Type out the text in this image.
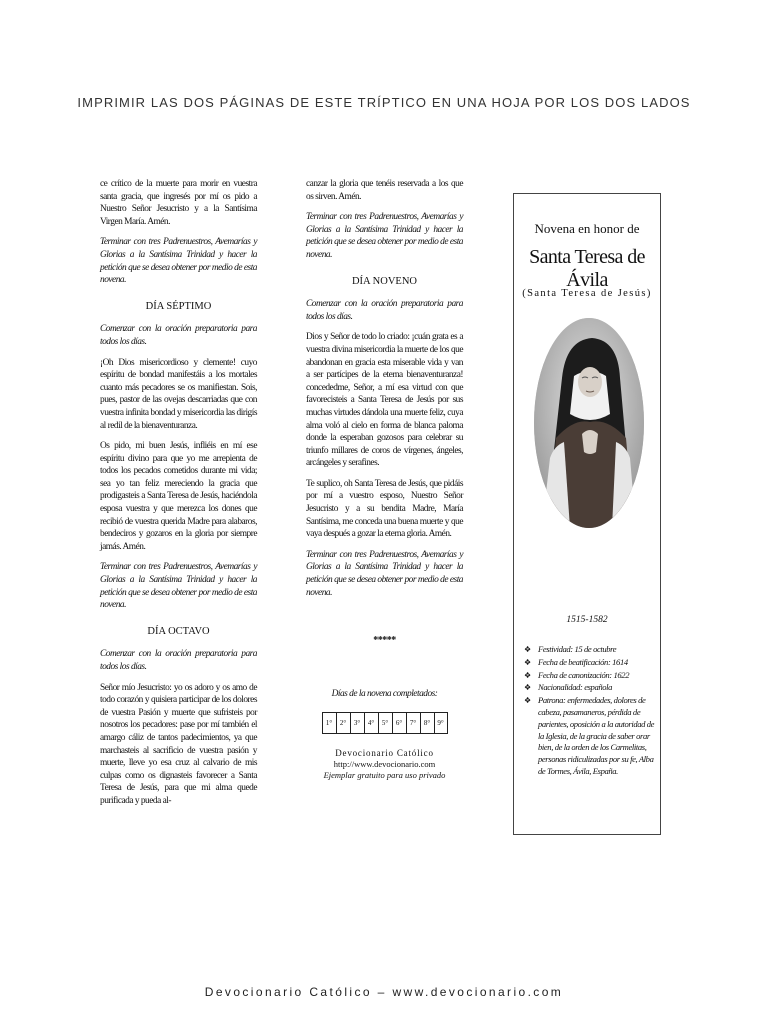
IMPRIMIR LAS DOS PÁGINAS DE ESTE TRÍPTICO EN UNA HOJA POR LOS DOS LADOS

ce crítico de la muerte para morir en vuestra santa gracia, que ingresés por mí os pido a Nuestro Señor Jesucristo y a la Santísima Virgen María. Amén.

Terminar con tres Padrenuestros, Avemarías y Glorias a la Santísima Trinidad y hacer la petición que se desea obtener por medio de esta novena.

DÍA SÉPTIMO

Comenzar con la oración preparatoria para todos los días.

¡Oh Dios misericordioso y clemente! cuyo espíritu de bondad manifestáis a los mortales cuanto más pecadores se os manifiestan. Sois, pues, pastor de las ovejas descarriadas que con vuestra infinita bondad y misericordia las dirigís al redil de la bienaventuranza.

Os pido, mi buen Jesús, infliéis en mí ese espíritu divino para que yo me arrepienta de todos los pecados cometidos durante mi vida; sea yo tan feliz mereciendo la gracia que prodigasteis a Santa Teresa de Jesús, haciéndola esposa vuestra y que merezca los dones que recibió de vuestra querida Madre para alabaros, bendeciros y gozaros en la gloria por siempre jamás. Amén.

Terminar con tres Padrenuestros, Avemarías y Glorias a la Santísima Trinidad y hacer la petición que se desea obtener por medio de esta novena.

DÍA OCTAVO

Comenzar con la oración preparatoria para todos los días.

Señor mío Jesucristo: yo os adoro y os amo de todo corazón y quisiera participar de los dolores de vuestra Pasión y muerte que sufristeis por nosotros los pecadores: pase por mí también el amargo cáliz de tantos padecimientos, ya que marchasteis al sacrificio de vuestra pasión y muerte, lleve yo esa cruz al calvario de mis culpas como os dignasteis favorecer a Santa Teresa de Jesús, para que mi alma quede purificada y pueda al-

canzar la gloria que tenéis reservada a los que os sirven. Amén.

Terminar con tres Padrenuestros, Avemarías y Glorias a la Santísima Trinidad y hacer la petición que se desea obtener por medio de esta novena.

DÍA NOVENO

Comenzar con la oración preparatoria para todos los días.

Dios y Señor de todo lo criado: ¡cuán grata es a vuestra divina misericordia la muerte de los que abandonan en gracia esta miserable vida y van a ser partícipes de la eterna bienaventuranza! concededme, Señor, a mí esa virtud con que favorecisteis a Santa Teresa de Jesús por sus muchas virtudes dándola una muerte feliz, cuya alma voló al cielo en forma de blanca paloma donde la esperaban gozosos para celebrar su triunfo millares de coros de vírgenes, ángeles, arcángeles y serafines.

Te suplico, oh Santa Teresa de Jesús, que pidáis por mí a vuestro esposo, Nuestro Señor Jesucristo y a su bendita Madre, María Santísima, me conceda una buena muerte y que vaya después a gozar la eterna gloria. Amén.

Terminar con tres Padrenuestros, Avemarías y Glorias a la Santísima Trinidad y hacer la petición que se desea obtener por medio de esta novena.

*****
Días de la novena completados:
1°	2°	3°	4°	5°	6°	7°	8°	9°
Devocionario Católico
http://www.devocionario.com
Ejemplar gratuito para uso privado
Novena en honor de
Santa Teresa de Ávila
(Santa Teresa de Jesús)
1515-1582
❖ Festividad: 15 de octubre
❖ Fecha de beatificación: 1614
❖ Fecha de canonización: 1622
❖ Nacionalidad: española
❖ Patrona: enfermedades, dolores de cabeza, pasamaneros, pérdida de parientes, oposición a la autoridad de la Iglesia, de la gracia de saber orar bien, de la orden de los Carmelitas, personas ridiculizadas por su fe, Alba de Tormes, Ávila, España.
Devocionario Católico – www.devocionario.com
